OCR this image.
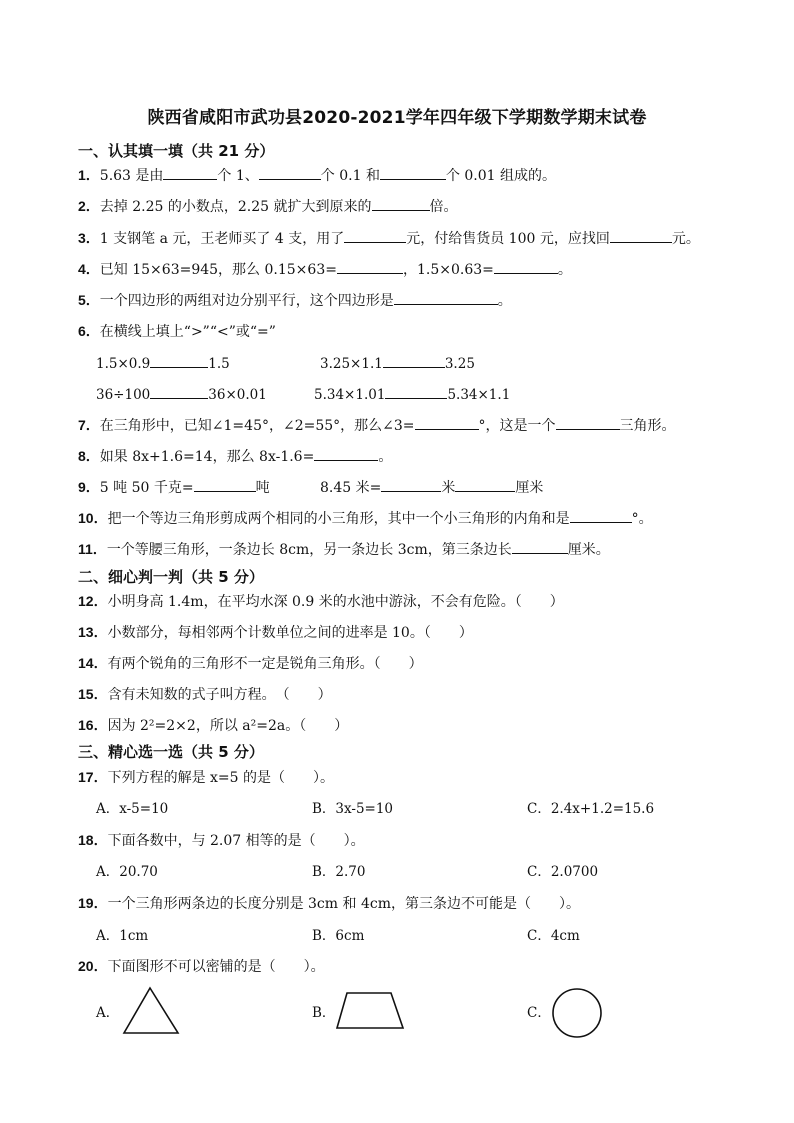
陕西省咸阳市武功县2020-2021学年四年级下学期数学期末试卷
一、认其填一填（共 21 分）
1．5.63 是由	个 1、	个 0.1 和	个 0.01 组成的。
2．去掉 2.25 的小数点，2.25 就扩大到原来的	倍。
3．1 支钢笔 a 元，王老师买了 4 支，用了	元，付给售货员 100 元，应找回	元。
4．已知 15×63=945，那么 0.15×63=	，1.5×0.63=	。
5．一个四边形的两组对边分别平行，这个四边形是	。
6．在横线上填上“>”“<”或“=”
1.5×0.9	1.5	3.25×1.1	3.25
36÷100	36×0.01	5.34×1.01	5.34×1.1
7．在三角形中，已知∠1=45°，∠2=55°，那么∠3=	°，这是一个	三角形。
8．如果 8x+1.6=14，那么 8x-1.6=	。
9．5 吨 50 千克=	吨	8.45 米=	米	厘米
10．把一个等边三角形剪成两个相同的小三角形，其中一个小三角形的内角和是	°。
11．一个等腰三角形，一条边长 8cm，另一条边长 3cm，第三条边长	厘米。
二、细心判一判（共 5 分）
12．小明身高 1.4m，在平均水深 0.9 米的水池中游泳，不会有危险。（　　）
13．小数部分，每相邻两个计数单位之间的进率是 10。（　　）
14．有两个锐角的三角形不一定是锐角三角形。（　　）
15．含有未知数的式子叫方程。　（　　）
16．因为 2²=2×2，所以 a²=2a。（　　）
三、精心选一选（共 5 分）
17．下列方程的解是 x=5 的是（　　）。
A．x-5=10	B．3x-5=10	C．2.4x+1.2=15.6
18．下面各数中，与 2.07 相等的是（　　）。
A．20.70	B．2.70	C．2.0700
19．一个三角形两条边的长度分别是 3cm 和 4cm，第三条边不可能是（　　）。
A．1cm	B．6cm	C．4cm
20．下面图形不可以密铺的是（　　）。
A．	B．	C．
